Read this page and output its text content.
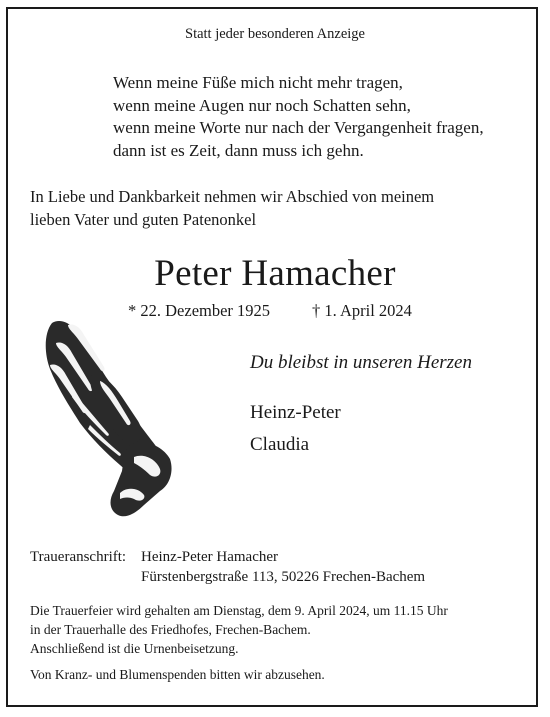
Statt jeder besonderen Anzeige
Wenn meine Füße mich nicht mehr tragen,
wenn meine Augen nur noch Schatten sehn,
wenn meine Worte nur nach der Vergangenheit fragen,
dann ist es Zeit, dann muss ich gehn.
In Liebe und Dankbarkeit nehmen wir Abschied von meinem
lieben Vater und guten Patenonkel
Peter Hamacher
* 22. Dezember 1925	† 1. April 2024
Du bleibst in unseren Herzen
Heinz-Peter
Claudia
Traueranschrift: Heinz-Peter Hamacher
Fürstenbergstraße 113, 50226 Frechen-Bachem
Die Trauerfeier wird gehalten am Dienstag, dem 9. April 2024, um 11.15 Uhr
in der Trauerhalle des Friedhofes, Frechen-Bachem.
Anschließend ist die Urnenbeisetzung.
Von Kranz- und Blumenspenden bitten wir abzusehen.
